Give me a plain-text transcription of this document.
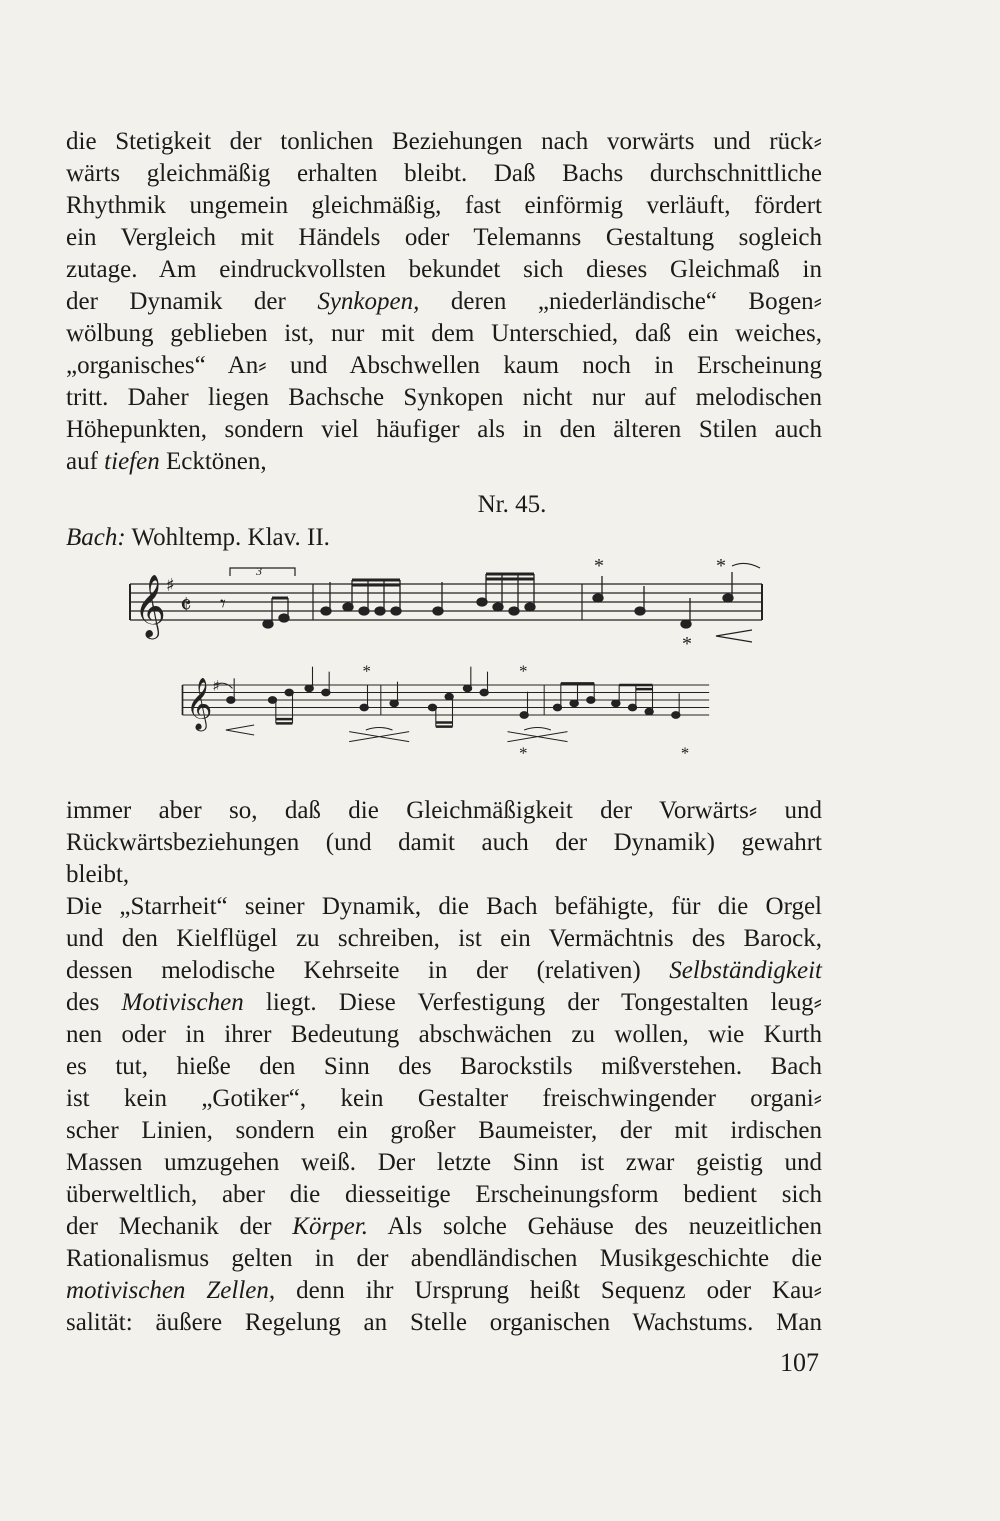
die Stetigkeit der tonlichen Beziehungen nach vorwärts und rück⸗
wärts gleichmäßig erhalten bleibt. Daß Bachs durchschnittliche
Rhythmik ungemein gleichmäßig, fast einförmig verläuft, fördert
ein Vergleich mit Händels oder Telemanns Gestaltung sogleich
zutage. Am eindruckvollsten bekundet sich dieses Gleichmaß in
der Dynamik der Synkopen, deren „niederländische“ Bogen⸗
wölbung geblieben ist, nur mit dem Unterschied, daß ein weiches,
„organisches“ An⸗ und Abschwellen kaum noch in Erscheinung
tritt. Daher liegen Bachsche Synkopen nicht nur auf melodischen
Höhepunkten, sondern viel häufiger als in den älteren Stilen auch
auf tiefen Ecktönen,
Nr. 45.
Bach: Wohltemp. Klav. II.
𝄞 ♯
𝄵 𝄾
3	*
*
*
𝄞 ♯
*	*
*	*
immer aber so, daß die Gleichmäßigkeit der Vorwärts⸗ und
Rückwärtsbeziehungen (und damit auch der Dynamik) gewahrt
bleibt,
Die „Starrheit“ seiner Dynamik, die Bach befähigte, für die Orgel
und den Kielflügel zu schreiben, ist ein Vermächtnis des Barock,
dessen melodische Kehrseite in der (relativen) Selbständigkeit
des Motivischen liegt. Diese Verfestigung der Tongestalten leug⸗
nen oder in ihrer Bedeutung abschwächen zu wollen, wie Kurth
es tut, hieße den Sinn des Barockstils mißverstehen. Bach
ist kein „Gotiker“, kein Gestalter freischwingender organi⸗
scher Linien, sondern ein großer Baumeister, der mit irdischen
Massen umzugehen weiß. Der letzte Sinn ist zwar geistig und
überweltlich, aber die diesseitige Erscheinungsform bedient sich
der Mechanik der Körper. Als solche Gehäuse des neuzeitlichen
Rationalismus gelten in der abendländischen Musikgeschichte die
motivischen Zellen, denn ihr Ursprung heißt Sequenz oder Kau⸗
salität: äußere Regelung an Stelle organischen Wachstums. Man
107
